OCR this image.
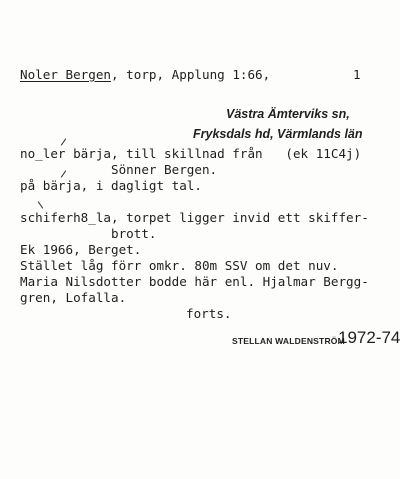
Noler Bergen, torp, Applung 1:66,	1
Västra Ämterviks sn,
Fryksdals hd, Värmlands län
no̲ler bärja, till skillnad från   (ek 11C4j)
Sönner Bergen.
på bärja, i dagligt tal.
schiferh8̲la, torpet ligger invid ett skiffer-
brott.
Ek 1966, Berget.
Stället låg förr omkr. 80m SSV om det nuv.
Maria Nilsdotter bodde här enl. Hjalmar Bergg-
gren, Lofalla.
forts.
STELLAN WALDENSTRÖM
1972-74
